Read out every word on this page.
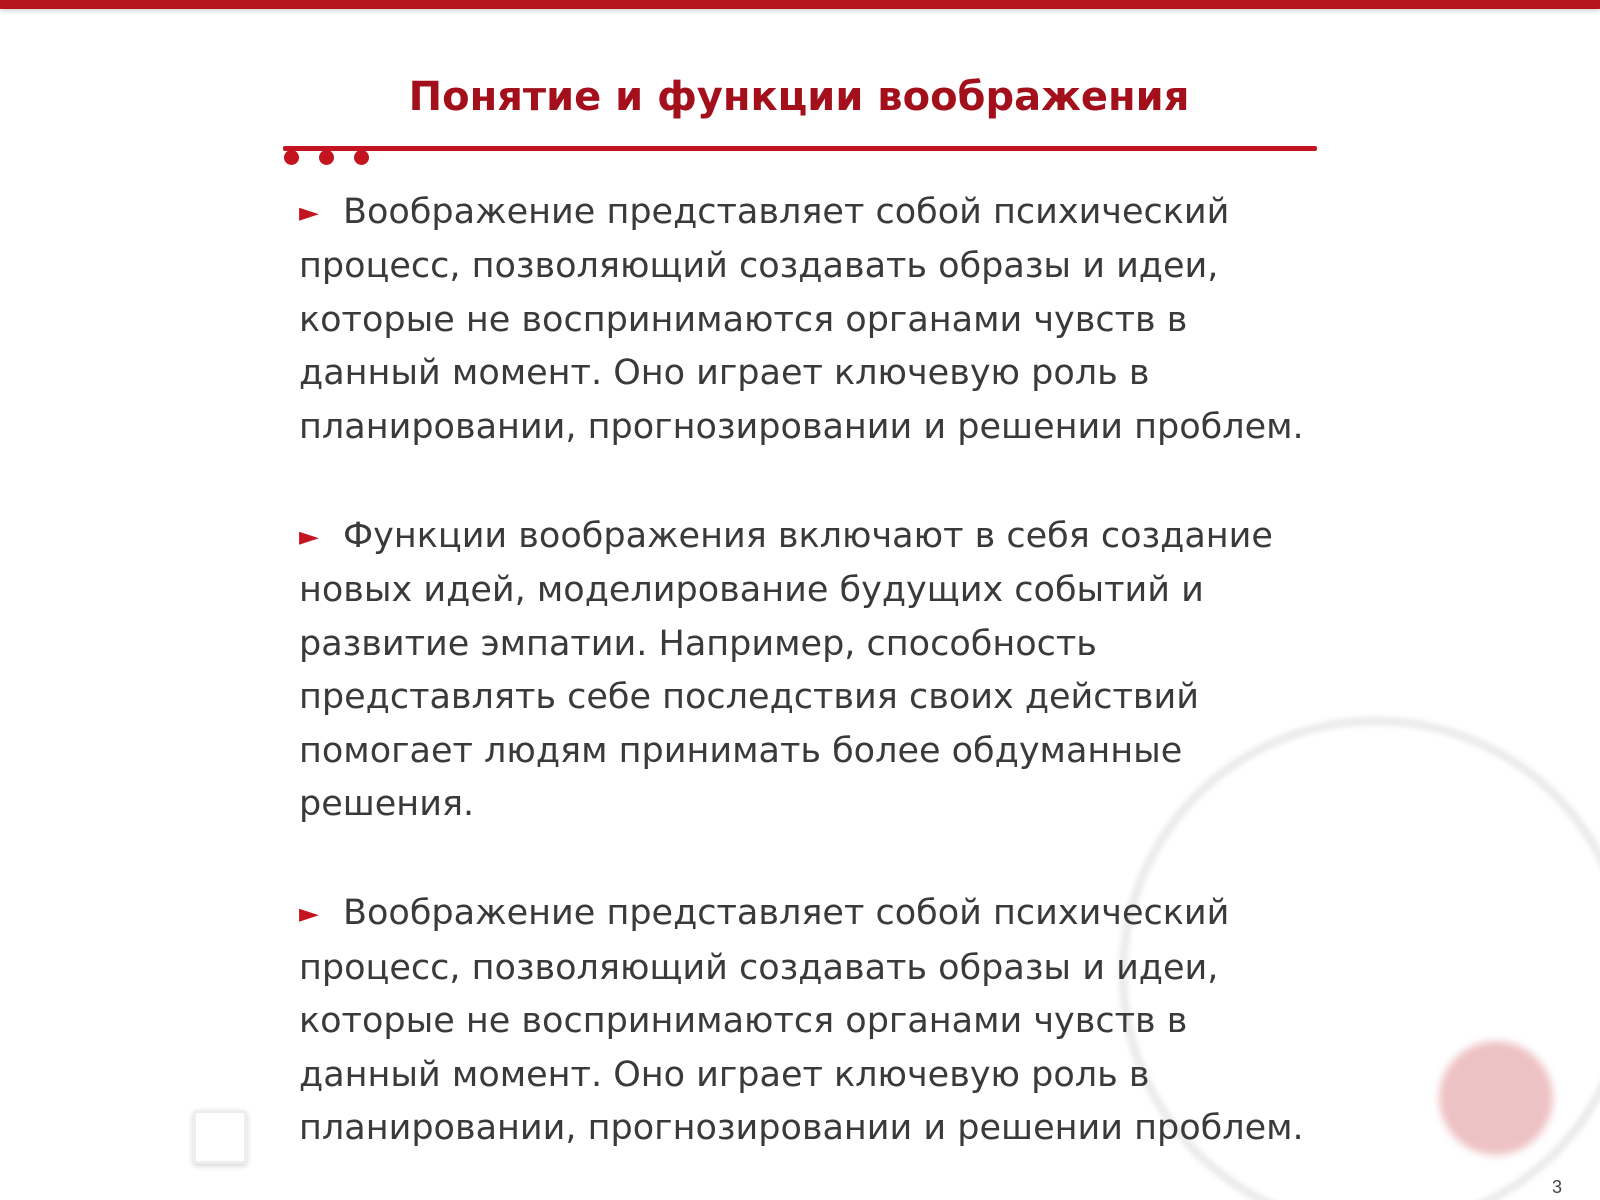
Понятие и функции воображения

► Воображение представляет собой психический процесс, позволяющий создавать образы и идеи, которые не воспринимаются органами чувств в данный момент. Оно играет ключевую роль в планировании, прогнозировании и решении проблем.

► Функции воображения включают в себя создание новых идей, моделирование будущих событий и развитие эмпатии. Например, способность представлять себе последствия своих действий помогает людям принимать более обдуманные решения.

► Воображение представляет собой психический процесс, позволяющий создавать образы и идеи, которые не воспринимаются органами чувств в данный момент. Оно играет ключевую роль в планировании, прогнозировании и решении проблем.

3
